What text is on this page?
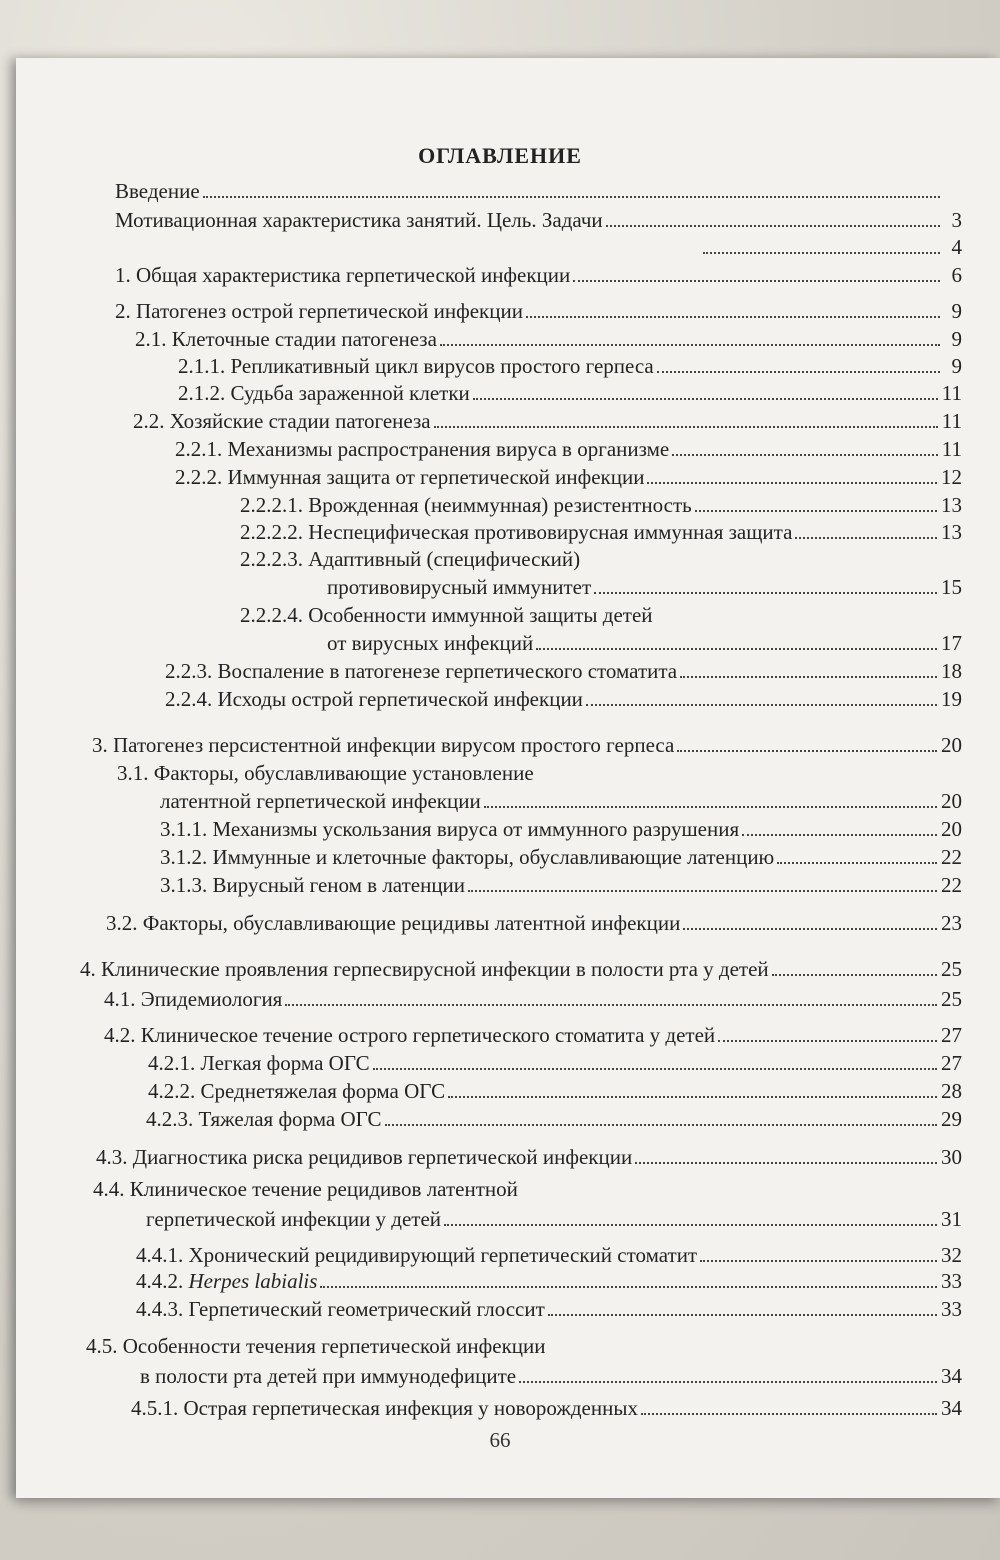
ОГЛАВЛЕНИЕ
Введение
Мотивационная характеристика занятий. Цель. Задачи	3
4
1. Общая характеристика герпетической инфекции	6
2. Патогенез острой герпетической инфекции	9
2.1. Клеточные стадии патогенеза	9
2.1.1. Репликативный цикл вирусов простого герпеса	9
2.1.2. Судьба зараженной клетки	11
2.2. Хозяйские стадии патогенеза	11
2.2.1. Механизмы распространения вируса в организме	11
2.2.2. Иммунная защита от герпетической инфекции	12
2.2.2.1. Врожденная (неиммунная) резистентность	13
2.2.2.2. Неспецифическая противовирусная иммунная защита	13
2.2.2.3. Адаптивный (специфический)
противовирусный иммунитет	15
2.2.2.4. Особенности иммунной защиты детей
от вирусных инфекций	17
2.2.3. Воспаление в патогенезе герпетического стоматита	18
2.2.4. Исходы острой герпетической инфекции	19
3. Патогенез персистентной инфекции вирусом простого герпеса	20
3.1. Факторы, обуславливающие установление
латентной герпетической инфекции	20
3.1.1. Механизмы ускользания вируса от иммунного разрушения	20
3.1.2. Иммунные и клеточные факторы, обуславливающие латенцию	22
3.1.3. Вирусный геном в латенции	22
3.2. Факторы, обуславливающие рецидивы латентной инфекции	23
4. Клинические проявления герпесвирусной инфекции в полости рта у детей	25
4.1. Эпидемиология	25
4.2. Клиническое течение острого герпетического стоматита у детей	27
4.2.1. Легкая форма ОГС	27
4.2.2. Среднетяжелая форма ОГС	28
4.2.3. Тяжелая форма ОГС	29
4.3. Диагностика риска рецидивов герпетической инфекции	30
4.4. Клиническое течение рецидивов латентной
герпетической инфекции у детей	31
4.4.1. Хронический рецидивирующий герпетический стоматит	32
4.4.2. Herpes labialis	33
4.4.3. Герпетический геометрический глоссит	33
4.5. Особенности течения герпетической инфекции
в полости рта детей при иммунодефиците	34
4.5.1. Острая герпетическая инфекция у новорожденных	34
66
